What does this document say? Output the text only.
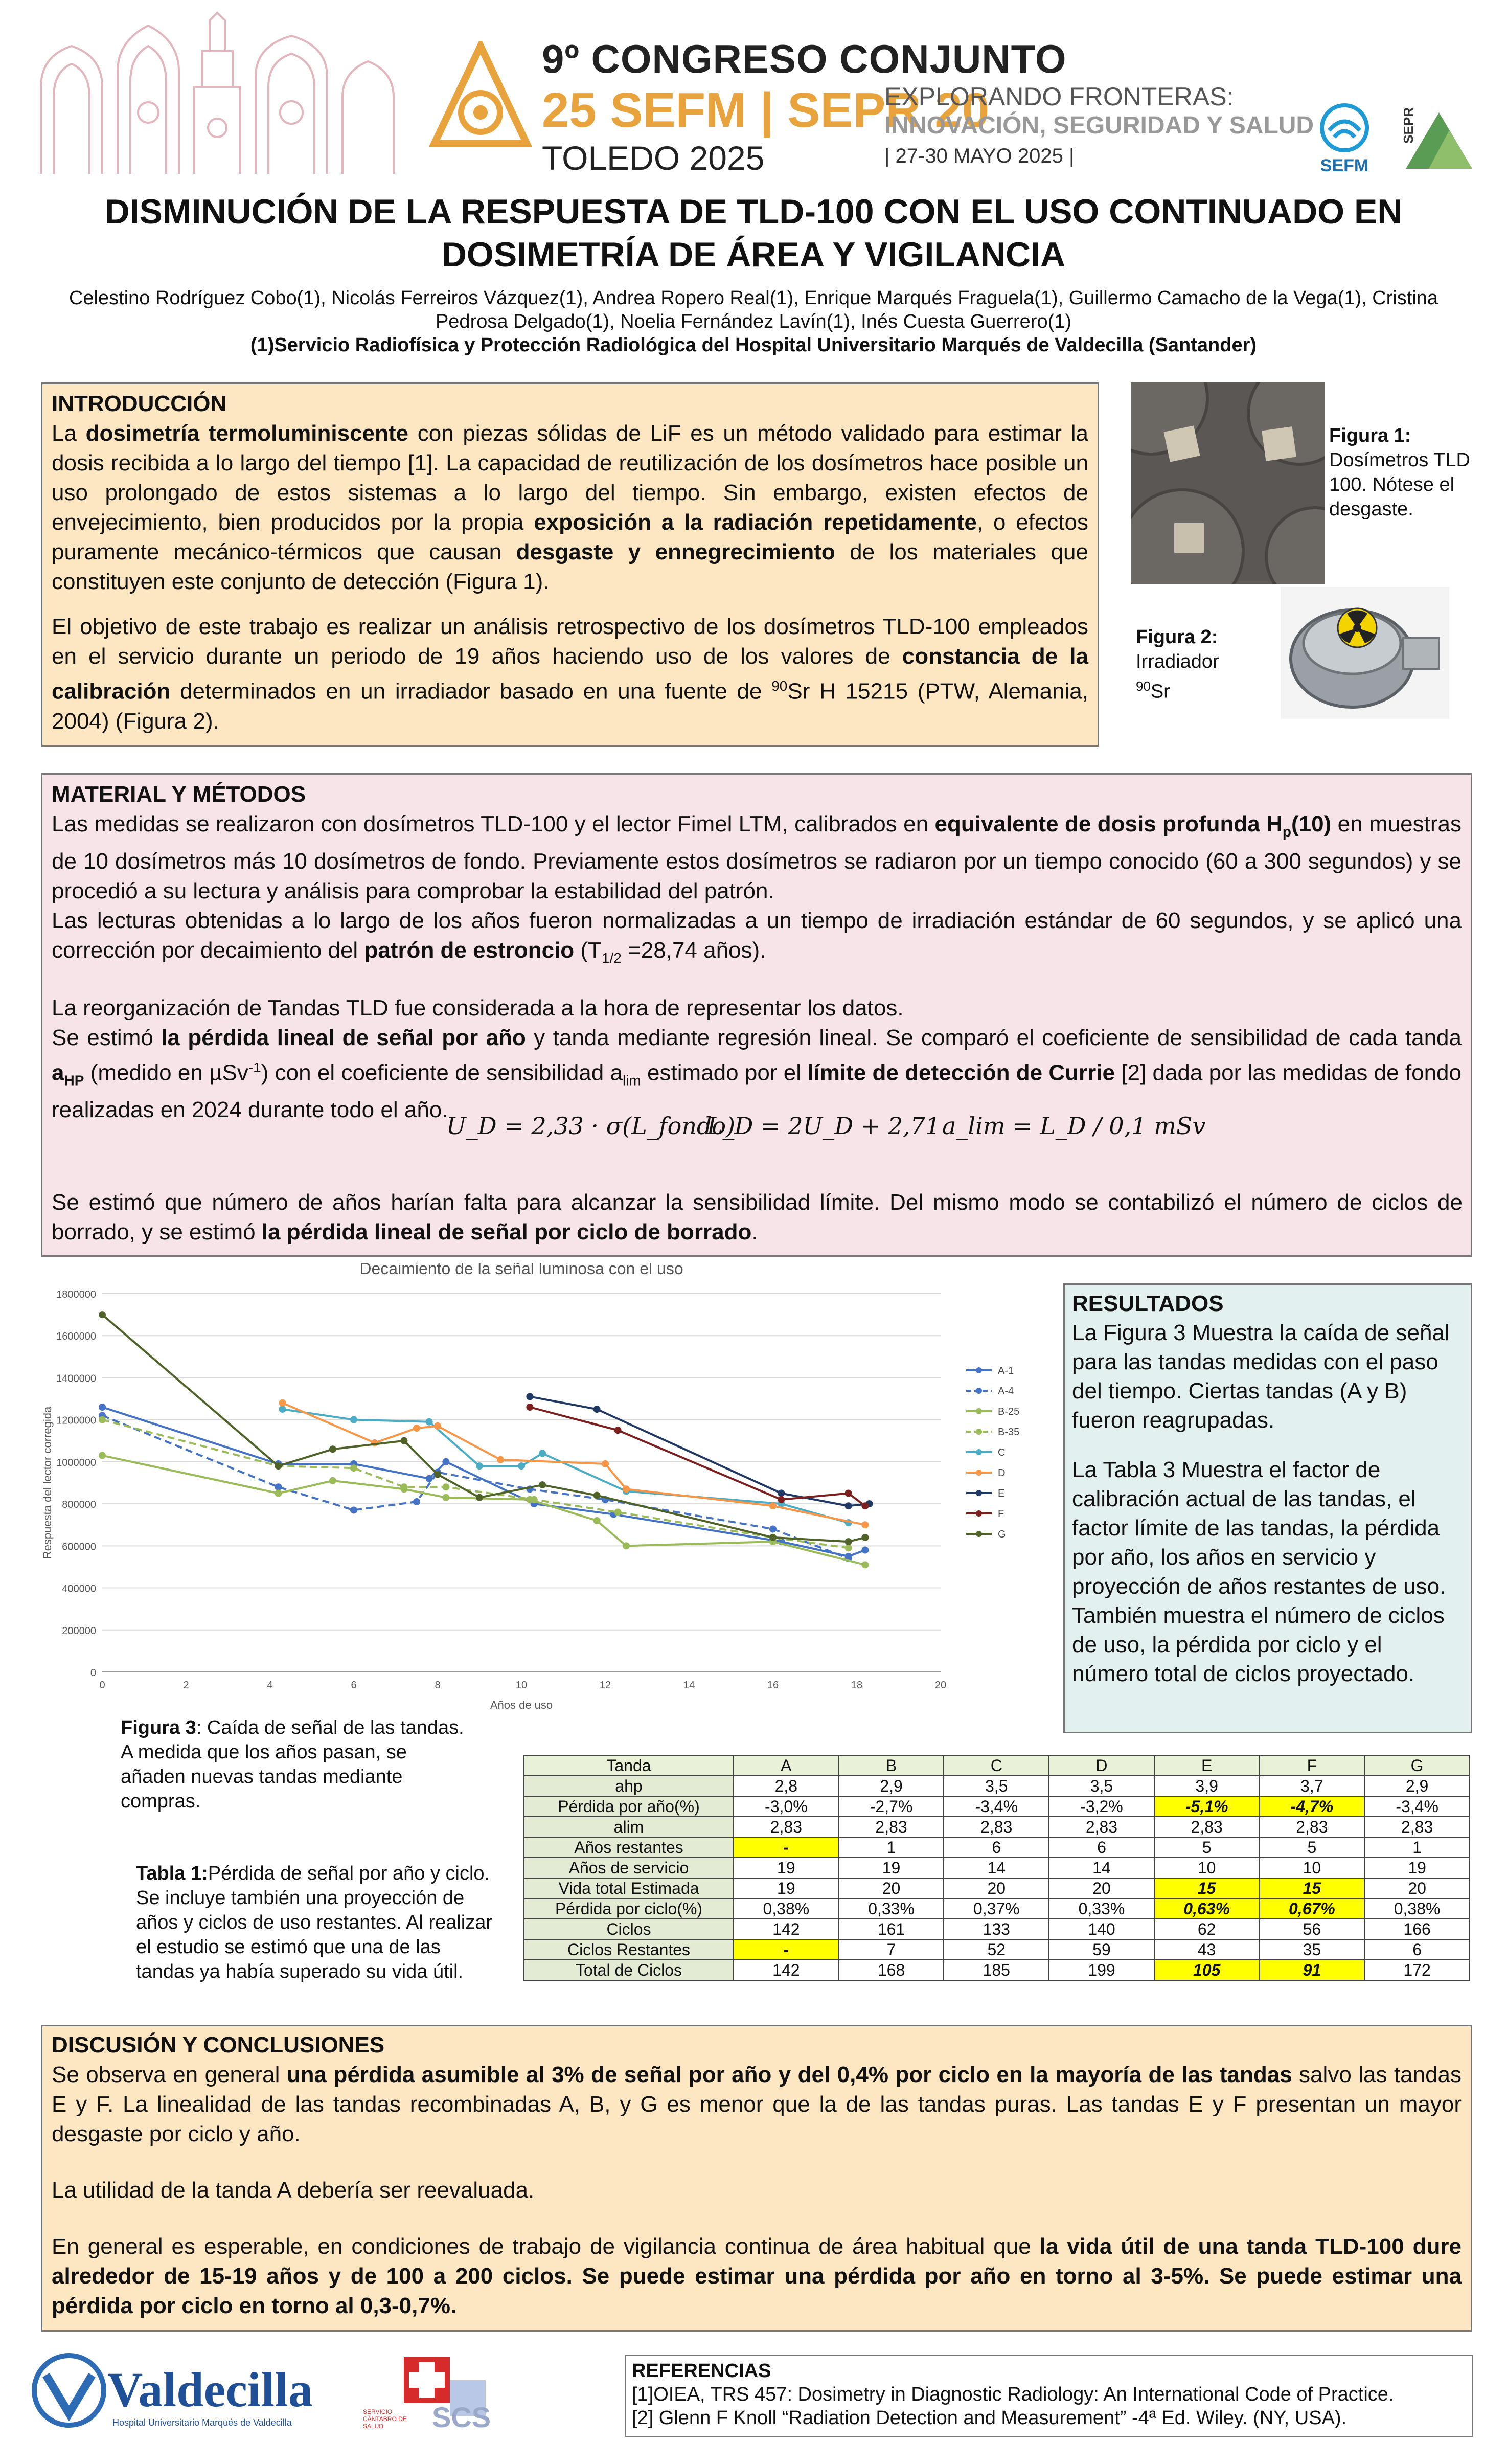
9º CONGRESO CONJUNTO
25 SEFM | SEPR 20
TOLEDO 2025
EXPLORANDO FRONTERAS:
INNOVACIÓN, SEGURIDAD Y SALUD
| 27-30 MAYO 2025 |	SEFM
SEPR
DISMINUCIÓN DE LA RESPUESTA DE TLD-100 CON EL USO CONTINUADO EN
DOSIMETRÍA DE ÁREA Y VIGILANCIA
Celestino Rodríguez Cobo(1), Nicolás Ferreiros Vázquez(1), Andrea Ropero Real(1), Enrique Marqués Fraguela(1), Guillermo Camacho de la Vega(1), Cristina
Pedrosa Delgado(1), Noelia Fernández Lavín(1), Inés Cuesta Guerrero(1)
(1)Servicio Radiofísica y Protección Radiológica del Hospital Universitario Marqués de Valdecilla (Santander)
INTRODUCCIÓN

La dosimetría termoluminiscente con piezas sólidas de LiF es un método validado para estimar la dosis recibida a lo largo del tiempo [1]. La capacidad de reutilización de los dosímetros hace posible un uso prolongado de estos sistemas a lo largo del tiempo. Sin embargo, existen efectos de envejecimiento, bien producidos por la propia exposición a la radiación repetidamente, o efectos puramente mecánico-térmicos que causan desgaste y ennegrecimiento de los materiales que constituyen este conjunto de detección (Figura 1).

El objetivo de este trabajo es realizar un análisis retrospectivo de los dosímetros TLD-100 empleados en el servicio durante un periodo de 19 años haciendo uso de los valores de constancia de la calibración determinados en un irradiador basado en una fuente de $^{90}$Sr H 15215 (PTW, Alemania, 2004) (Figura 2).

Figura 1:
Dosímetros TLD 100. Nótese el desgaste.
Figura 2:
Irradiador
$^{90}$Sr
MATERIAL Y MÉTODOS

Las medidas se realizaron con dosímetros TLD-100 y el lector Fimel LTM, calibrados en equivalente de dosis profunda $H_p(10)$ en muestras de 10 dosímetros más 10 dosímetros de fondo. Previamente estos dosímetros se radiaron por un tiempo conocido (60 a 300 segundos) y se procedió a su lectura y análisis para comprobar la estabilidad del patrón.

Las lecturas obtenidas a lo largo de los años fueron normalizadas a un tiempo de irradiación estándar de 60 segundos, y se aplicó una corrección por decaimiento del patrón de estroncio ($T_{1/2} =28,74$ años).

La reorganización de Tandas TLD fue considerada a la hora de representar los datos.

Se estimó la pérdida lineal de señal por año y tanda mediante regresión lineal. Se comparó el coeficiente de sensibilidad de cada tanda $a_{HP}$ (medido en µSv$^{-1}$) con el coeficiente de sensibilidad $a_{lim}$ estimado por el límite de detección de Currie [2] dada por las medidas de fondo realizadas en 2024 durante todo el año.

U_D = 2,33 · σ(L_fondo)
L_D = 2U_D + 2,71 a_lim = L_D / 0,1 mSv

Se estimó que número de años harían falta para alcanzar la sensibilidad límite. Del mismo modo se contabilizó el número de ciclos de borrado, y se estimó la pérdida lineal de señal por ciclo de borrado.

0
200000
400000
600000
800000
1000000
1200000
1400000
1600000
1800000
0	2	4	6	8	10	12	14	16	18	20
Decaimiento de la señal luminosa con el uso
Años de uso
Respuesta del lector corregida
A-1
A-4
B-25
B-35
C
D
E
F
G
Figura 3: Caída de señal de las tandas. A medida que los años pasan, se añaden nuevas tandas mediante compras.
RESULTADOS

La Figura 3 Muestra la caída de señal para las tandas medidas con el paso del tiempo. Ciertas tandas (A y B) fueron reagrupadas.

La Tabla 3 Muestra el factor de calibración actual de las tandas, el factor límite de las tandas, la pérdida por año, los años en servicio y proyección de años restantes de uso. También muestra el número de ciclos de uso, la pérdida por ciclo y el número total de ciclos proyectado.

Tabla 1:Pérdida de señal por año y ciclo. Se incluye también una proyección de años y ciclos de uso restantes. Al realizar el estudio se estimó que una de las tandas ya había superado su vida útil.
Tanda	A	B	C	D	E	F	G
ahp	2,8	2,9	3,5	3,5	3,9	3,7	2,9
Pérdida por año(%)	-3,0%	-2,7%	-3,4%	-3,2%	-5,1%	-4,7%	-3,4%
alim	2,83	2,83	2,83	2,83	2,83	2,83	2,83
Años restantes	-	1	6	6	5	5	1
Años de servicio	19	19	14	14	10	10	19
Vida total Estimada	19	20	20	20	15	15	20
Pérdida por ciclo(%)	0,38%	0,33%	0,37%	0,33%	0,63%	0,67%	0,38%
Ciclos	142	161	133	140	62	56	166
Ciclos Restantes	-	7	52	59	43	35	6
Total de Ciclos	142	168	185	199	105	91	172
DISCUSIÓN Y CONCLUSIONES

Se observa en general una pérdida asumible al 3% de señal por año y del 0,4% por ciclo en la mayoría de las tandas salvo las tandas E y F. La linealidad de las tandas recombinadas A, B, y G es menor que la de las tandas puras. Las tandas E y F presentan un mayor desgaste por ciclo y año.

La utilidad de la tanda A debería ser reevaluada.

En general es esperable, en condiciones de trabajo de vigilancia continua de área habitual que la vida útil de una tanda TLD-100 dure alrededor de 15-19 años y de 100 a 200 ciclos. Se puede estimar una pérdida por año en torno al 3-5%. Se puede estimar una pérdida por ciclo en torno al 0,3-0,7%.

Valdecilla
Hospital Universitario Marqués de Valdecilla	SCS
SERVICIO CÁNTABRO DE SALUD
REFERENCIAS
[1]OIEA, TRS 457: Dosimetry in Diagnostic Radiology: An International Code of Practice.
[2] Glenn F Knoll “Radiation Detection and Measurement” -4ª Ed. Wiley. (NY, USA).
